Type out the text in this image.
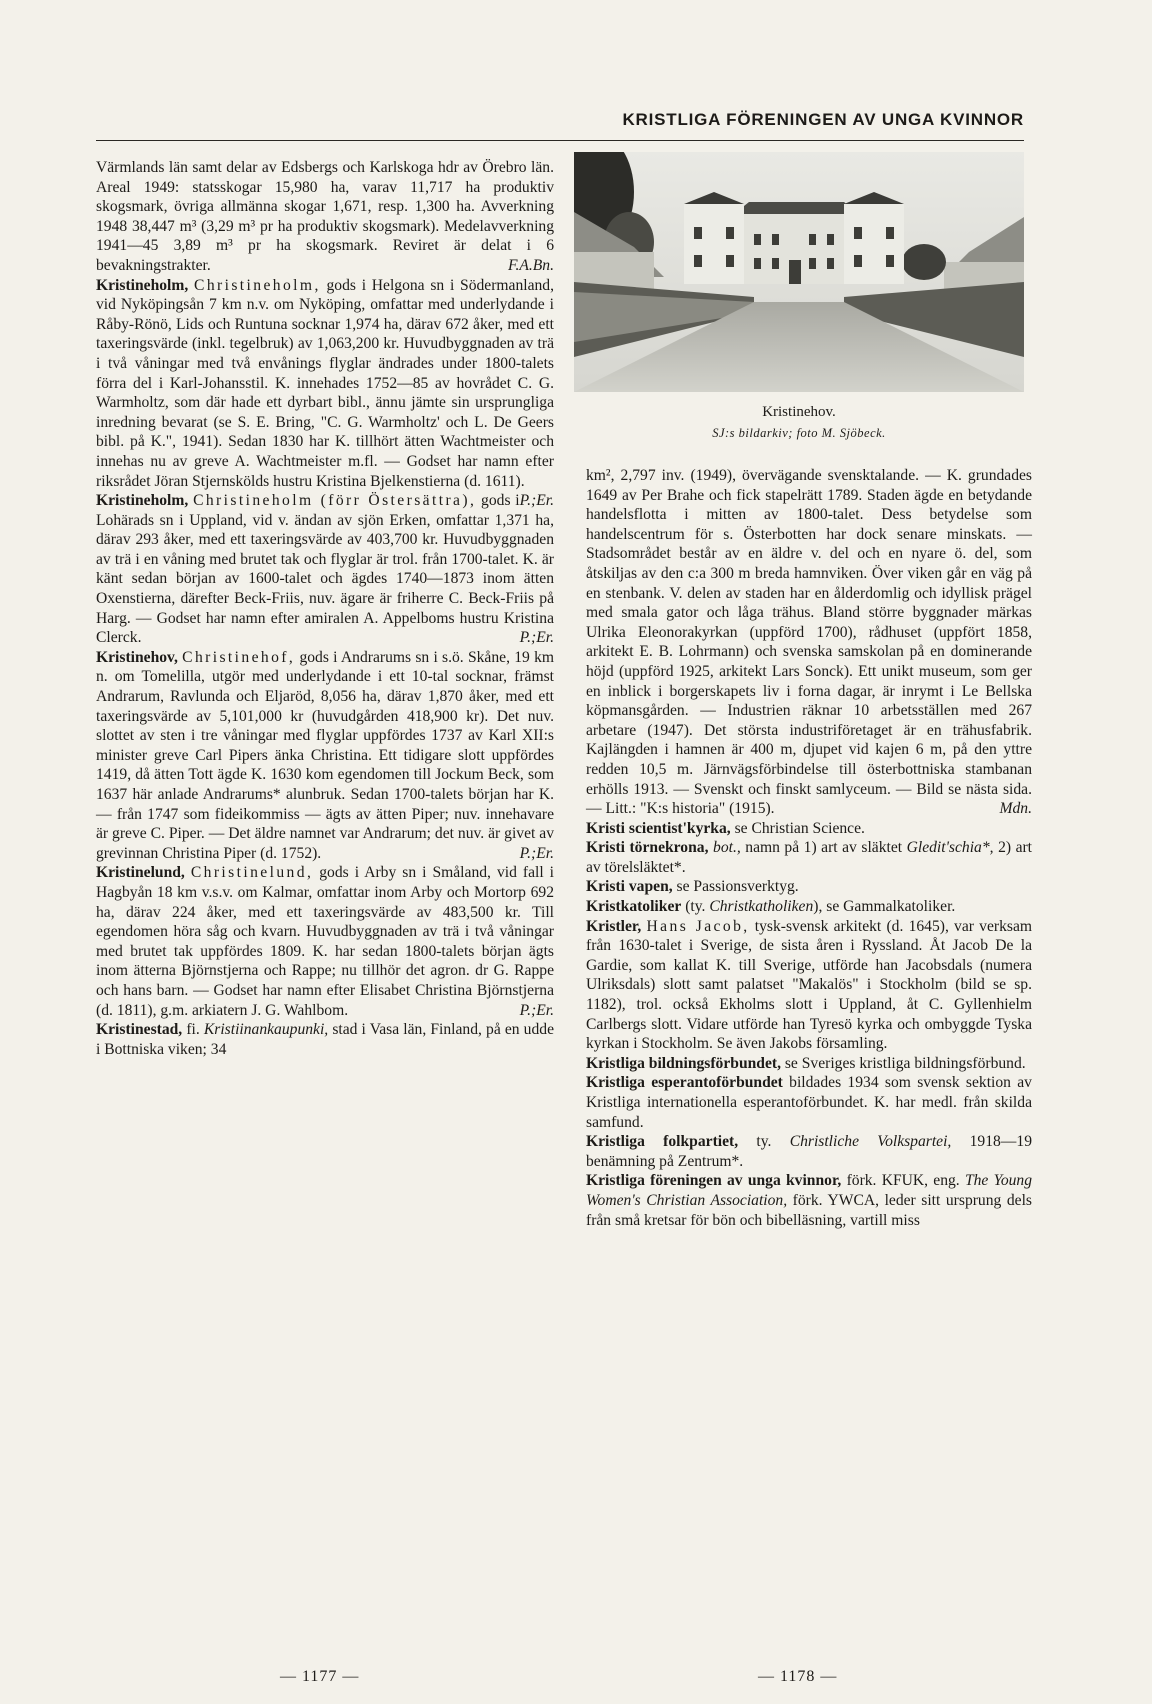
KRISTLIGA FÖRENINGEN AV UNGA KVINNOR

Värmlands län samt delar av Edsbergs och Karlskoga hdr av Örebro län. Areal 1949: statsskogar 15,980 ha, varav 11,717 ha produktiv skogsmark, övriga allmänna skogar 1,671, resp. 1,300 ha. Avverkning 1948 38,447 m³ (3,29 m³ pr ha produktiv skogsmark). Medelavverkning 1941—45 3,89 m³ pr ha skogsmark. Reviret är delat i 6 bevakningstrakter.	F.A.Bn.

Kristineholm, Christineholm, gods i Helgona sn i Södermanland, vid Nyköpingsån 7 km n.v. om Nyköping, omfattar med underlydande i Råby-Rönö, Lids och Runtuna socknar 1,974 ha, därav 672 åker, med ett taxeringsvärde (inkl. tegelbruk) av 1,063,200 kr. Huvudbyggnaden av trä i två våningar med två envånings flyglar ändrades under 1800-talets förra del i Karl-Johansstil. K. innehades 1752—85 av hovrådet C. G. Warmholtz, som där hade ett dyrbart bibl., ännu jämte sin ursprungliga inredning bevarat (se S. E. Bring, "C. G. Warmholtz' och L. De Geers bibl. på K.", 1941). Sedan 1830 har K. tillhört ätten Wachtmeister och innehas nu av greve A. Wachtmeister m.fl. — Godset har namn efter riksrådet Jöran Stjernskölds hustru Kristina Bjelkenstierna (d. 1611).
P.;Er.

Kristineholm, Christineholm (förr Östersättra), gods i Lohärads sn i Uppland, vid v. ändan av sjön Erken, omfattar 1,371 ha, därav 293 åker, med ett taxeringsvärde av 403,700 kr. Huvudbyggnaden av trä i en våning med brutet tak och flyglar är trol. från 1700-talet. K. är känt sedan början av 1600-talet och ägdes 1740—1873 inom ätten Oxenstierna, därefter Beck-Friis, nuv. ägare är friherre C. Beck-Friis på Harg. — Godset har namn efter amiralen A. Appelboms hustru Kristina Clerck.	P.;Er.

Kristinehov, Christinehof, gods i Andrarums sn i s.ö. Skåne, 19 km n. om Tomelilla, utgör med underlydande i ett 10-tal socknar, främst Andrarum, Ravlunda och Eljaröd, 8,056 ha, därav 1,870 åker, med ett taxeringsvärde av 5,101,000 kr (huvudgården 418,900 kr). Det nuv. slottet av sten i tre våningar med flyglar uppfördes 1737 av Karl XII:s minister greve Carl Pipers änka Christina. Ett tidigare slott uppfördes 1419, då ätten Tott ägde K. 1630 kom egendomen till Jockum Beck, som 1637 här anlade Andrarums* alunbruk. Sedan 1700-talets början har K. — från 1747 som fideikommiss — ägts av ätten Piper; nuv. innehavare är greve C. Piper. — Det äldre namnet var Andrarum; det nuv. är givet av grevinnan Christina Piper (d. 1752).	P.;Er.

Kristinelund, Christinelund, gods i Arby sn i Småland, vid fall i Hagbyån 18 km v.s.v. om Kalmar, omfattar inom Arby och Mortorp 692 ha, därav 224 åker, med ett taxeringsvärde av 483,500 kr. Till egendomen höra såg och kvarn. Huvudbyggnaden av trä i två våningar med brutet tak uppfördes 1809. K. har sedan 1800-talets början ägts inom ätterna Björnstjerna och Rappe; nu tillhör det agron. dr G. Rappe och hans barn. — Godset har namn efter Elisabet Christina Björnstjerna (d. 1811), g.m. arkiatern J. G. Wahlbom.	P.;Er.

Kristinestad, fi. Kristiinankaupunki, stad i Vasa län, Finland, på en udde i Bottniska viken; 34

Kristinehov.
SJ:s bildarkiv; foto M. Sjöbeck.

km², 2,797 inv. (1949), övervägande svensktalande. — K. grundades 1649 av Per Brahe och fick stapelrätt 1789. Staden ägde en betydande handelsflotta i mitten av 1800-talet. Dess betydelse som handelscentrum för s. Österbotten har dock senare minskats. — Stadsområdet består av en äldre v. del och en nyare ö. del, som åtskiljas av den c:a 300 m breda hamnviken. Över viken går en väg på en stenbank. V. delen av staden har en ålderdomlig och idyllisk prägel med smala gator och låga trähus. Bland större byggnader märkas Ulrika Eleonorakyrkan (uppförd 1700), rådhuset (uppfört 1858, arkitekt E. B. Lohrmann) och svenska samskolan på en dominerande höjd (uppförd 1925, arkitekt Lars Sonck). Ett unikt museum, som ger en inblick i borgerskapets liv i forna dagar, är inrymt i Le Bellska köpmansgården. — Industrien räknar 10 arbetsställen med 267 arbetare (1947). Det största industriföretaget är en trähusfabrik. Kajlängden i hamnen är 400 m, djupet vid kajen 6 m, på den yttre redden 10,5 m. Järnvägsförbindelse till österbottniska stambanan erhölls 1913. — Svenskt och finskt samlyceum. — Bild se nästa sida. — Litt.: "K:s historia" (1915).	Mdn.

Kristi scientist'kyrka, se Christian Science.

Kristi törnekrona, bot., namn på 1) art av släktet Gledit'schia*, 2) art av törelsläktet*.

Kristi vapen, se Passionsverktyg.

Kristkatoliker (ty. Christkatholiken), se Gammalkatoliker.

Kristler, Hans Jacob, tysk-svensk arkitekt (d. 1645), var verksam från 1630-talet i Sverige, de sista åren i Ryssland. Åt Jacob De la Gardie, som kallat K. till Sverige, utförde han Jacobsdals (numera Ulriksdals) slott samt palatset "Makalös" i Stockholm (bild se sp. 1182), trol. också Ekholms slott i Uppland, åt C. Gyllenhielm Carlbergs slott. Vidare utförde han Tyresö kyrka och ombyggde Tyska kyrkan i Stockholm. Se även Jakobs församling.

Kristliga bildningsförbundet, se Sveriges kristliga bildningsförbund.

Kristliga esperantoförbundet bildades 1934 som svensk sektion av Kristliga internationella esperantoförbundet. K. har medl. från skilda samfund.

Kristliga folkpartiet, ty. Christliche Volkspartei, 1918—19 benämning på Zentrum*.

Kristliga föreningen av unga kvinnor, förk. KFUK, eng. The Young Women's Christian Association, förk. YWCA, leder sitt ursprung dels från små kretsar för bön och bibelläsning, vartill miss

— 1177 —	— 1178 —
